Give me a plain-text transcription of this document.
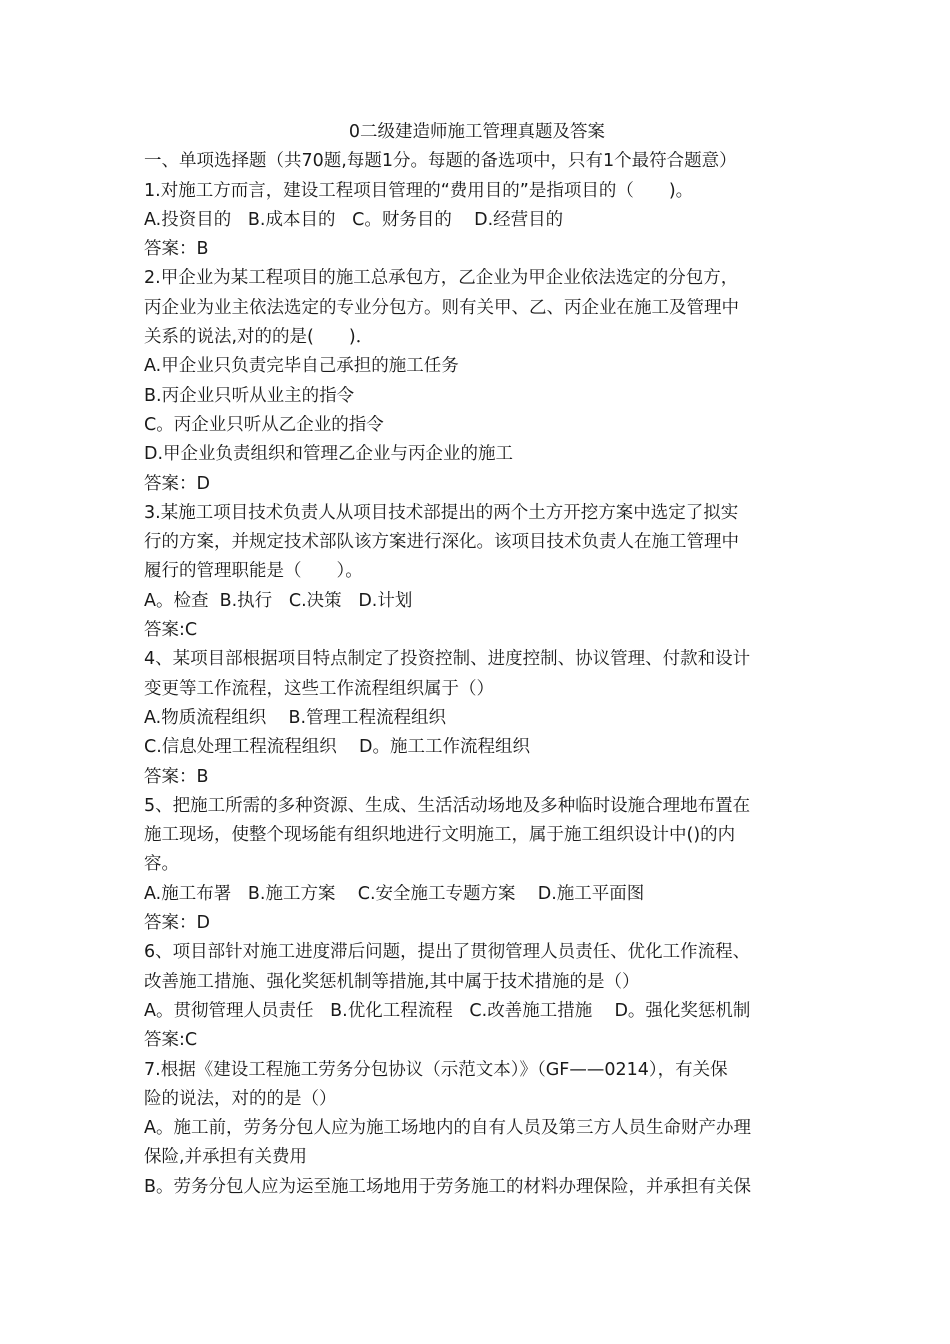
0二级建造师施工管理真题及答案

一、单项选择题（共70题,每题1分。每题的备选项中，只有1个最符合题意）

1.对施工方而言，建设工程项目管理的“费用目的”是指项目的（　　)。

A.投资目的   B.成本目的   C。财务目的    D.经营目的

答案：B

2.甲企业为某工程项目的施工总承包方，乙企业为甲企业依法选定的分包方，

丙企业为业主依法选定的专业分包方。则有关甲、乙、丙企业在施工及管理中

关系的说法,对的的是(　　)．

A.甲企业只负责完毕自己承担的施工任务

B.丙企业只听从业主的指令

C。丙企业只听从乙企业的指令

D.甲企业负责组织和管理乙企业与丙企业的施工

答案：D

3.某施工项目技术负责人从项目技术部提出的两个土方开挖方案中选定了拟实

行的方案，并规定技术部队该方案进行深化。该项目技术负责人在施工管理中

履行的管理职能是（　　）。

A。检查  B.执行   C.决策   D.计划

答案:C

4、某项目部根据项目特点制定了投资控制、进度控制、协议管理、付款和设计

变更等工作流程，这些工作流程组织属于（）

A.物质流程组织    B.管理工程流程组织

C.信息处理工程流程组织    D。施工工作流程组织

答案：B

5、把施工所需的多种资源、生成、生活活动场地及多种临时设施合理地布置在

施工现场，使整个现场能有组织地进行文明施工，属于施工组织设计中()的内

容。

A.施工布署   B.施工方案    C.安全施工专题方案    D.施工平面图

答案：D

6、项目部针对施工进度滞后问题，提出了贯彻管理人员责任、优化工作流程、

改善施工措施、强化奖惩机制等措施,其中属于技术措施的是（）

A。贯彻管理人员责任   B.优化工程流程   C.改善施工措施    D。强化奖惩机制

答案:C

7.根据《建设工程施工劳务分包协议（示范文本）》（GF——0214），有关保

险的说法，对的的是（）

A。施工前，劳务分包人应为施工场地内的自有人员及第三方人员生命财产办理

保险,并承担有关费用

B。劳务分包人应为运至施工场地用于劳务施工的材料办理保险，并承担有关保
